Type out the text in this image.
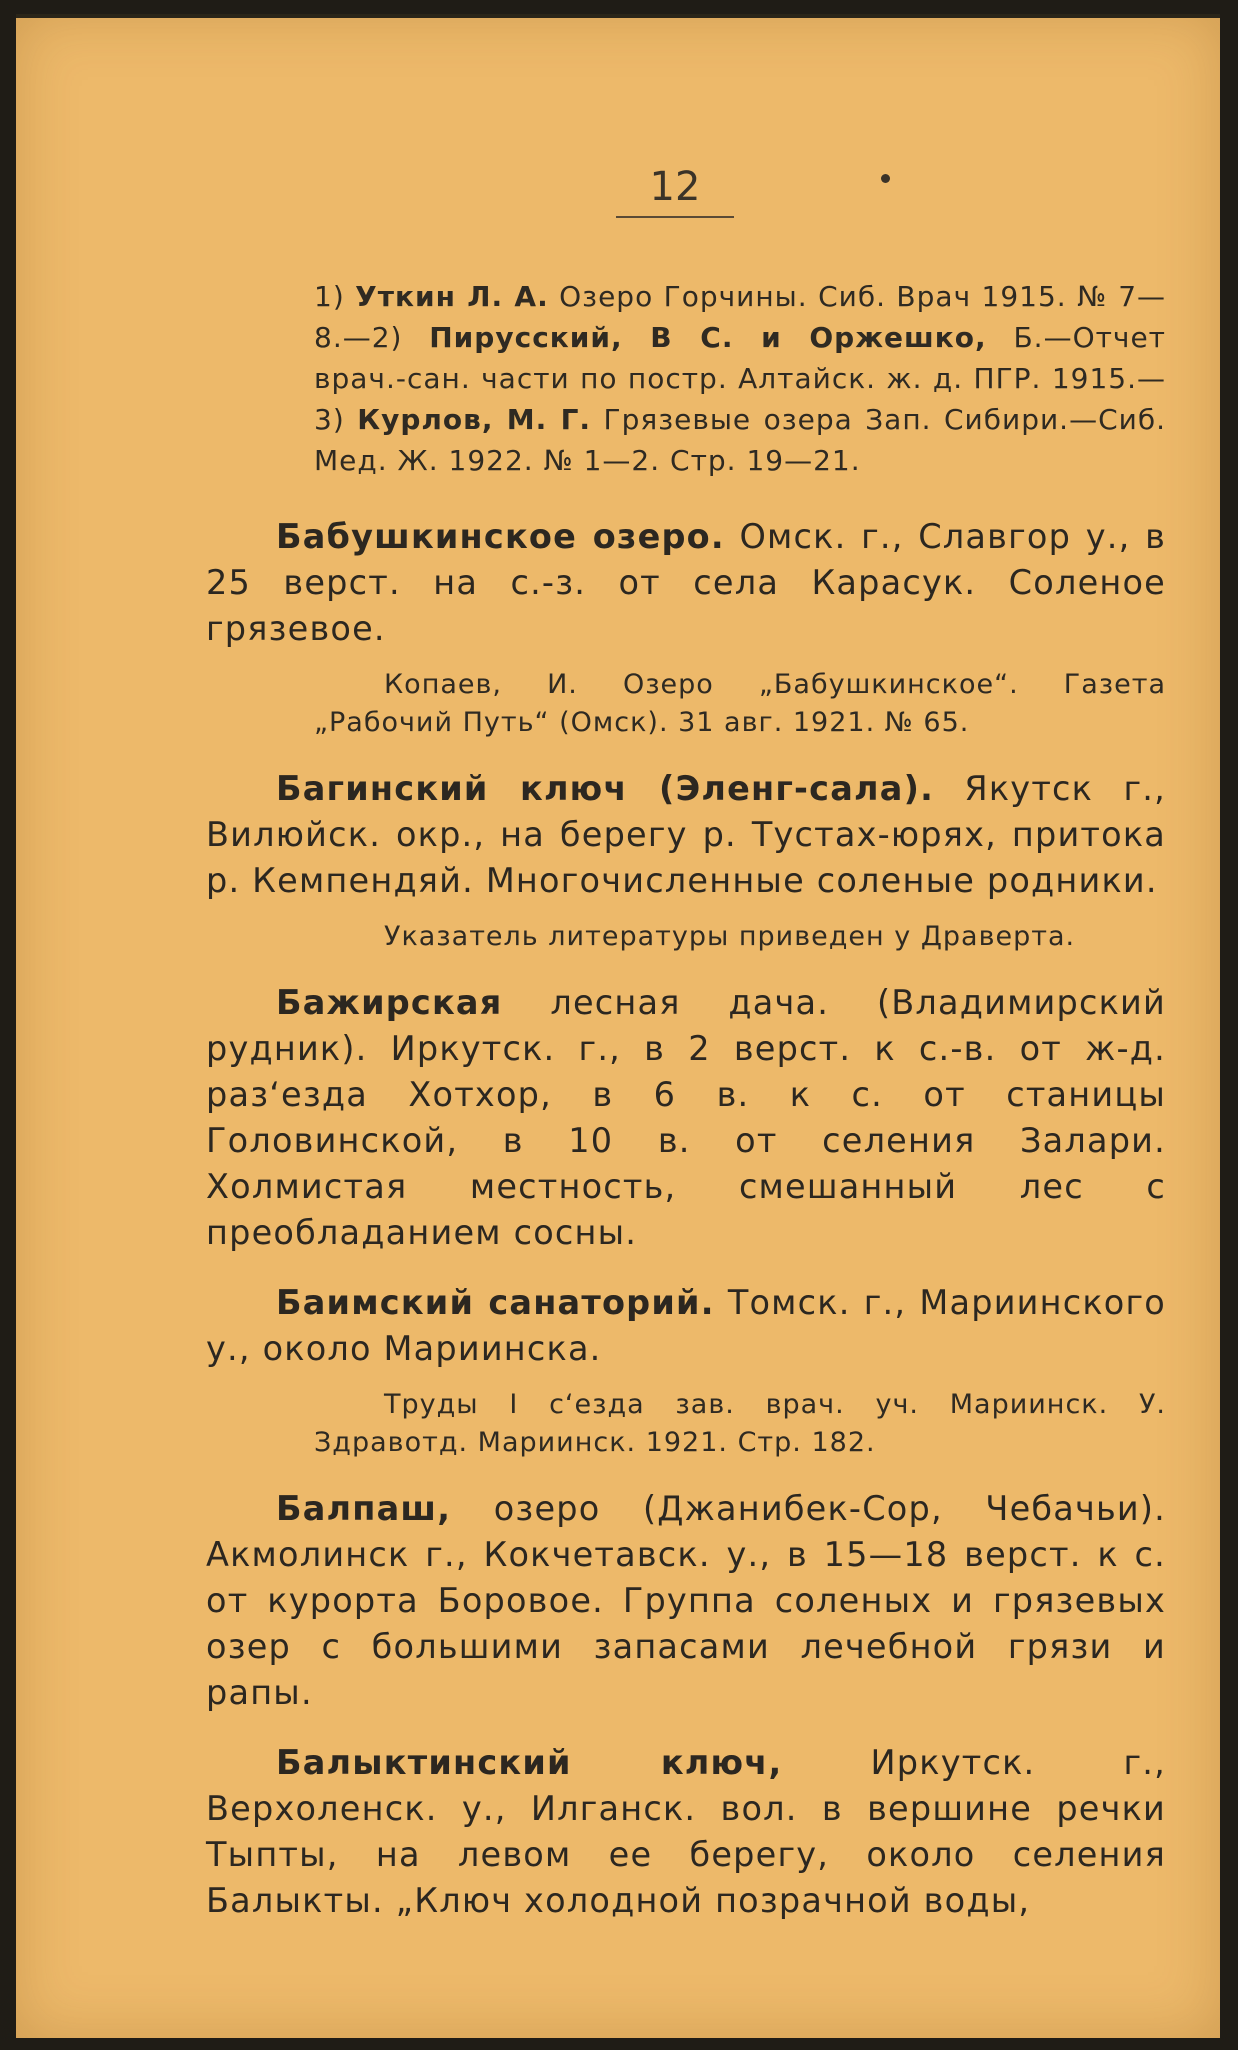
12
1) Уткин Л. А. Озеро Горчины. Сиб. Врач 1915. № 7—8.—2) Пирусский, В С. и Оржешко, Б.—Отчет врач.-сан. части по постр. Алтайск. ж. д. ПГР. 1915.—3) Курлов, М. Г. Грязевые озера Зап. Сибири.—Сиб. Мед. Ж. 1922. № 1—2. Стр. 19—21.

Бабушкинское озеро. Омск. г., Славгор у., в 25 верст. на с.-з. от села Карасук. Соленое грязевое.

Копаев, И. Озеро „Бабушкинское“. Газета „Рабочий Путь“ (Омск). 31 авг. 1921. № 65.

Багинский ключ (Эленг-сала). Якутск г., Вилюйск. окр., на берегу р. Тустах-юрях, притока р. Кемпендяй. Многочисленные соленые родники.

Указатель литературы приведен у Драверта.

Бажирская лесная дача. (Владимирский рудник). Иркутск. г., в 2 верст. к с.-в. от ж-д. раз‘езда Хотхор, в 6 в. к с. от станицы Головинской, в 10 в. от селения Залари. Холмистая местность, смешанный лес с преобладанием сосны.

Баимский санаторий. Томск. г., Мариинского у., около Мариинска.

Труды I с‘езда зав. врач. уч. Мариинск. У. Здравотд. Мариинск. 1921. Стр. 182.

Балпаш, озеро (Джанибек-Сор, Чебачьи). Акмолинск г., Кокчетавск. у., в 15—18 верст. к с. от курорта Боровое. Группа соленых и грязевых озер с большими запасами лечебной грязи и рапы.

Балыктинский ключ, Иркутск. г., Верхоленск. у., Илганск. вол. в вершине речки Тыпты, на левом ее берегу, около селения Балыкты. „Ключ холодной позрачной воды,
